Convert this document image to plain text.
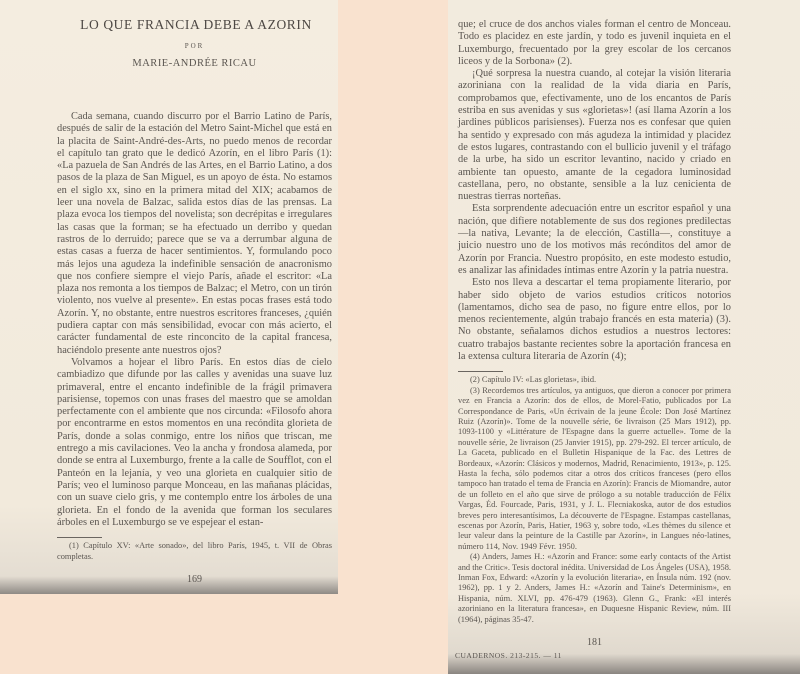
LO QUE FRANCIA DEBE A AZORIN
POR
MARIE-ANDRÉE RICAU

Cada semana, cuando discurro por el Barrio Latino de París, después de salir de la estación del Metro Saint-Michel que está en la placita de Saint-André-des-Arts, no puedo menos de recordar el capítulo tan grato que le dedicó Azorín, en el libro París (1): «La pazuela de San Andrés de las Artes, en el Barrio Latino, a dos pasos de la plaza de San Miguel, es un apoyo de ésta. No estamos en el siglo xx, sino en la primera mitad del XIX; acabamos de leer una novela de Balzac, salida estos días de las prensas. La plaza evoca los tiempos del novelista; son decrépitas e irregulares las casas que la forman; se ha efectuado un derribo y quedan rastros de lo derruido; parece que se va a derrumbar alguna de estas casas a fuerza de hacer sentimientos. Y, formulando poco más lejos una agudeza la indefinible sensación de anacronismo que nos confiere siempre el viejo París, añade el escritor: «La plaza nos remonta a los tiempos de Balzac; el Metro, con un tirón violento, nos vuelve al presente». En estas pocas frases está todo Azorín. Y, no obstante, entre nuestros escritores franceses, ¿quién pudiera captar con más sensibilidad, evocar con más acierto, el carácter fundamental de este rinconcito de la capital francesa, haciéndolo presente ante nuestros ojos?

Volvamos a hojear el libro París. En estos días de cielo cambiadizo que difunde por las calles y avenidas una suave luz primaveral, entre el encanto indefinible de la frágil primavera parisiense, topemos con unas frases del maestro que se amoldan perfectamente con el ambiente que nos circunda: «Filosofo ahora por encontrarme en estos momentos en una recóndita glorieta de París, donde a solas conmigo, entre los niños que triscan, me entrego a mis cavilaciones. Veo la ancha y frondosa alameda, por donde se entra al Luxemburgo, frente a la calle de Soufflot, con el Panteón en la lejanía, y veo una glorieta en cualquier sitio de París; veo el luminoso parque Monceau, en las mañanas plácidas, con un suave cielo gris, y me contemplo entre los árboles de una glorieta. En el fondo de la avenida que forman los seculares árboles en el Luxemburgo se ve espejear el estan-

(1) Capítulo XV: «Arte sonado», del libro París, 1945, t. VII de Obras completas.

169

que; el cruce de dos anchos viales forman el centro de Monceau. Todo es placidez en este jardín, y todo es juvenil inquieta en el Luxemburgo, frecuentado por la grey escolar de los cercanos liceos y de la Sorbona» (2).

¡Qué sorpresa la nuestra cuando, al cotejar la visión literaria azoriniana con la realidad de la vida diaria en París, comprobamos que, efectivamente, uno de los encantos de París estriba en sus avenidas y sus «glorietas»! (así llama Azorín a los jardines públicos parisienses). Fuerza nos es confesar que quien ha sentido y expresado con más agudeza la intimidad y placidez de estos lugares, contrastando con el bullicio juvenil y el tráfago de la urbe, ha sido un escritor levantino, nacido y criado en ambiente tan opuesto, amante de la cegadora luminosidad castellana, pero, no obstante, sensible a la luz cenicienta de nuestras tierras norteñas.

Esta sorprendente adecuación entre un escritor español y una nación, que difiere notablemente de sus dos regiones predilectas —la nativa, Levante; la de elección, Castilla—, constituye a juicio nuestro uno de los motivos más recónditos del amor de Azorín por Francia. Nuestro propósito, en este modesto estudio, es analizar las afinidades íntimas entre Azorín y la patria nuestra.

Esto nos lleva a descartar el tema propiamente literario, por haber sido objeto de varios estudios críticos notorios (lamentamos, dicho sea de paso, no figure entre ellos, por lo menos recientemente, algún trabajo francés en esta materia) (3). No obstante, señalamos dichos estudios a nuestros lectores: cuatro trabajos bastante recientes sobre la aportación francesa en la extensa cultura literaria de Azorín (4);

(2) Capítulo IV: «Las glorietas», ibid.

(3) Recordemos tres artículos, ya antiguos, que dieron a conocer por primera vez en Francia a Azorín: dos de ellos, de Morel-Fatio, publicados por La Correspondance de Paris, «Un écrivain de la jeune École: Don José Martínez Ruiz (Azorín)». Tome de la nouvelle série, 6e livraison (25 Mars 1912), pp. 1093-1100 y «Littérature de l'Espagne dans la guerre actuelle». Tome de la nouvelle série, 2e livraison (25 Janvier 1915), pp. 279-292. El tercer artículo, de La Gaceta, publicado en el Bulletin Hispanique de la Fac. des Lettres de Bordeaux, «Azorín: Clásicos y modernos, Madrid, Renacimiento, 1913», p. 125. Hasta la fecha, sólo podemos citar a otros dos críticos franceses (pero ellos tampoco han tratado el tema de Francia en Azorín): Francis de Miomandre, autor de un folleto en el año que sirve de prólogo a su notable traducción de Félix Vargas, Éd. Fourcade, Paris, 1931, y J. L. Flecniakoska, autor de dos estudios breves pero interesantísimos, La découverte de l'Espagne. Estampas castellanas, escenas por Azorín, Paris, Hatier, 1963 y, sobre todo, «Les thèmes du silence et leur valeur dans la peinture de la Castille par Azorín», in Langues néo-latines, número 114, Nov. 1949 Févr. 1950.

(4) Anders, James H.: «Azorín and France: some early contacts of the Artist and the Critic». Tesis doctoral inédita. Universidad de Los Ángeles (USA), 1958. Inman Fox, Edward: «Azorín y la evolución literaria», en Ínsula núm. 192 (nov. 1962), pp. 1 y 2. Anders, James H.: «Azorín and Taine's Determinism», en Hispania, núm. XLVI, pp. 476-479 (1963). Glenn G., Frank: «El interés azoriniano en la literatura francesa», en Duquesne Hispanic Review, núm. III (1964), páginas 35-47.

181
CUADERNOS. 213-215. — 11
